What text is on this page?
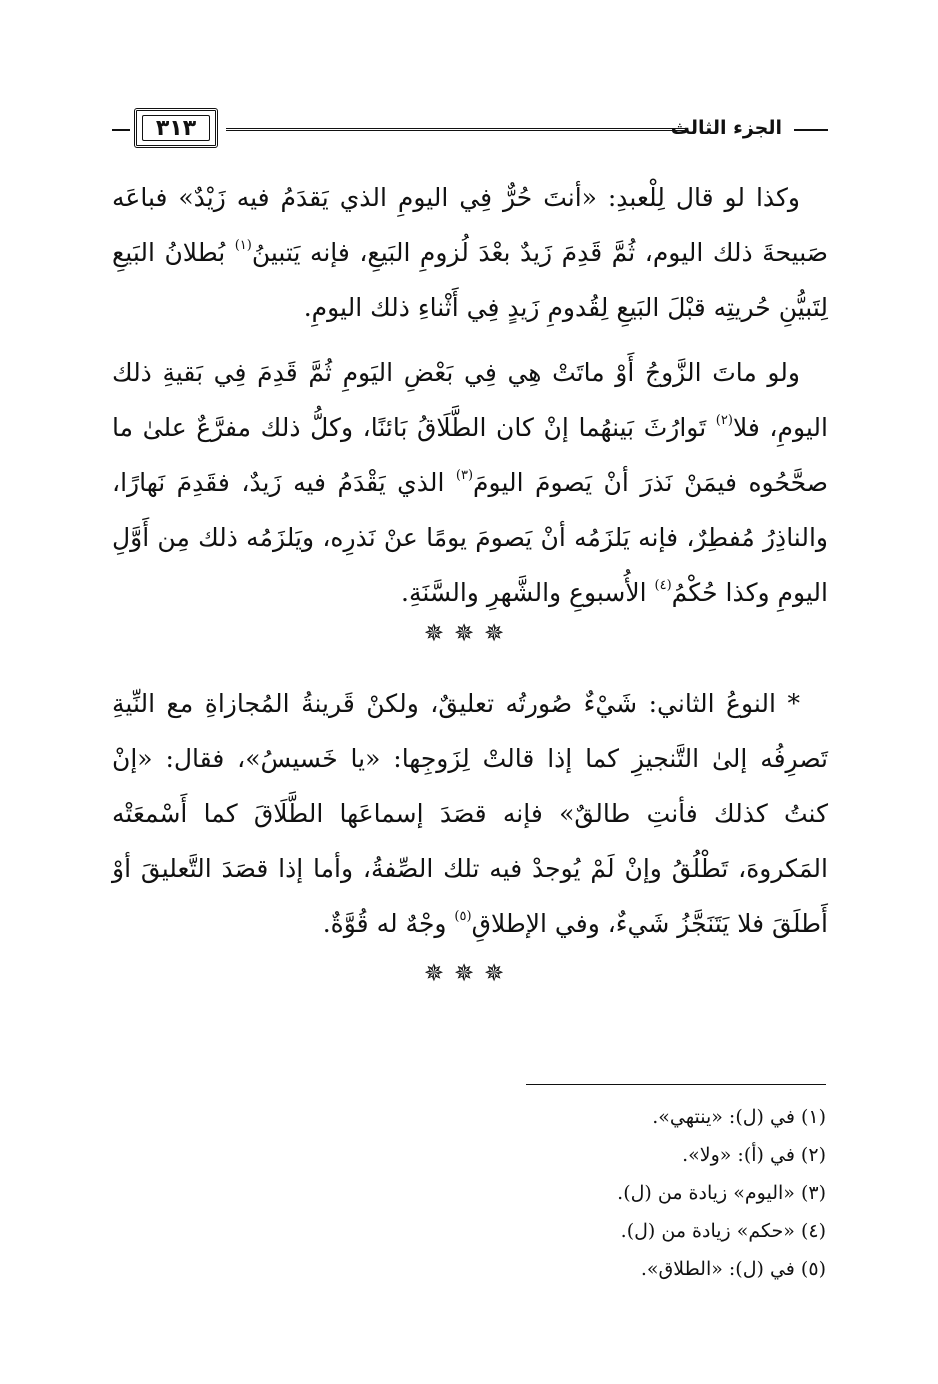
الجزء الثالث
٣١٣

وكذا لو قال لِلْعبدِ: «أنتَ حُرٌّ فِي اليومِ الذي يَقدَمُ فيه زَيْدٌ» فباعَه صَبيحةَ ذلك اليوم، ثُمَّ قَدِمَ زَيدٌ بعْدَ لُزومِ البَيعِ، فإنه يَتبينُ$^{(١)}$ بُطلانُ البَيعِ لِتَبيُّنِ حُريتِه قبْلَ البَيعِ لِقُدومِ زَيدٍ فِي أَثْناءِ ذلك اليومِ.

ولو ماتَ الزَّوجُ أَوْ ماتَتْ هِي فِي بَعْضِ اليَومِ ثُمَّ قَدِمَ فِي بَقيةِ ذلك اليومِ، فلا$^{(٢)}$ تَوارُثَ بَينهُما إنْ كان الطَّلَاقُ بَائنًا، وكلُّ ذلك مفرَّعٌ علىٰ ما صحَّحُوه فيمَنْ نَذرَ أنْ يَصومَ اليومَ$^{(٣)}$ الذي يَقْدَمُ فيه زَيدٌ، فقَدِمَ نَهارًا، والناذِرُ مُفطِرٌ، فإنه يَلزَمُه أنْ يَصومَ يومًا عنْ نَذرِه، ويَلزَمُه ذلك مِن أَوَّلِ اليومِ وكذا حُكْمُ$^{(٤)}$ الأُسبوعِ والشَّهرِ والسَّنَةِ.

✵✵✵

* النوعُ الثاني: شَيْءٌ صُورتُه تعليقٌ، ولكنْ قَرينةُ المُجازاةِ مع النِّيةِ تَصرِفُه إلىٰ التَّنجيزِ كما إذا قالتْ لِزَوجِها: «يا خَسيسُ»، فقال: «إنْ كنتُ كذلك فأنتِ طالقٌ» فإنه قصَدَ إسماعَها الطَّلَاقَ كما أَسْمعَتْه المَكروهَ، تَطْلُقُ وإنْ لَمْ يُوجدْ فيه تلك الصِّفةُ، وأما إذا قصَدَ التَّعليقَ أوْ أَطلَقَ فلا يَتَنَجَّزُ شَيءٌ، وفي الإطلاقِ$^{(٥)}$ وجْهٌ له قُوَّةٌ.

✵✵✵
(١) في (ل): «ينتهي».
(٢) في (أ): «ولا».
(٣) «اليوم» زيادة من (ل).
(٤) «حكم» زيادة من (ل).
(٥) في (ل): «الطلاق».
